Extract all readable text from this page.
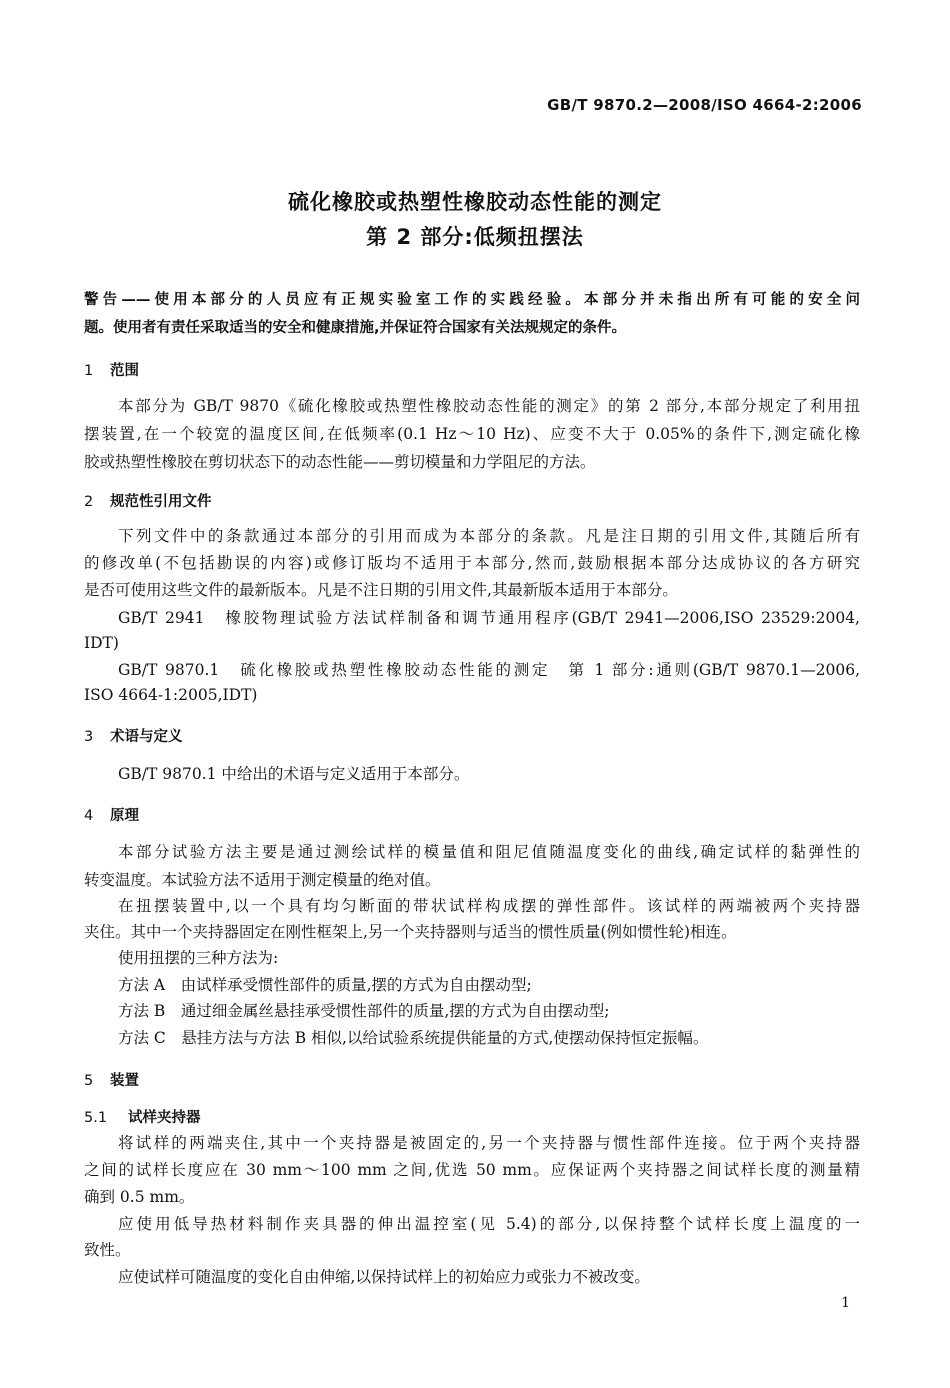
GB/T 9870.2—2008/ISO 4664-2:2006
硫化橡胶或热塑性橡胶动态性能的测定
第 2 部分:低频扭摆法
警告——使用本部分的人员应有正规实验室工作的实践经验。本部分并未指出所有可能的安全问
题。使用者有责任采取适当的安全和健康措施,并保证符合国家有关法规规定的条件。
1 范围
本部分为 GB/T 9870《硫化橡胶或热塑性橡胶动态性能的测定》的第 2 部分,本部分规定了利用扭
摆装置,在一个较宽的温度区间,在低频率(0.1 Hz～10 Hz)、应变不大于 0.05%的条件下,测定硫化橡
胶或热塑性橡胶在剪切状态下的动态性能——剪切模量和力学阻尼的方法。
2 规范性引用文件
下列文件中的条款通过本部分的引用而成为本部分的条款。凡是注日期的引用文件,其随后所有
的修改单(不包括勘误的内容)或修订版均不适用于本部分,然而,鼓励根据本部分达成协议的各方研究
是否可使用这些文件的最新版本。凡是不注日期的引用文件,其最新版本适用于本部分。
GB/T 2941　橡胶物理试验方法试样制备和调节通用程序(GB/T 2941—2006,ISO 23529:2004,
IDT)
GB/T 9870.1　硫化橡胶或热塑性橡胶动态性能的测定　第 1 部分:通则(GB/T 9870.1—2006,
ISO 4664-1:2005,IDT)
3 术语与定义
GB/T 9870.1 中给出的术语与定义适用于本部分。
4 原理
本部分试验方法主要是通过测绘试样的模量值和阻尼值随温度变化的曲线,确定试样的黏弹性的
转变温度。本试验方法不适用于测定模量的绝对值。
在扭摆装置中,以一个具有均匀断面的带状试样构成摆的弹性部件。该试样的两端被两个夹持器
夹住。其中一个夹持器固定在刚性框架上,另一个夹持器则与适当的惯性质量(例如惯性轮)相连。
使用扭摆的三种方法为:
方法 A　由试样承受惯性部件的质量,摆的方式为自由摆动型;
方法 B　通过细金属丝悬挂承受惯性部件的质量,摆的方式为自由摆动型;
方法 C　悬挂方法与方法 B 相似,以给试验系统提供能量的方式,使摆动保持恒定振幅。
5 装置
5.1 试样夹持器
将试样的两端夹住,其中一个夹持器是被固定的,另一个夹持器与惯性部件连接。位于两个夹持器
之间的试样长度应在 30 mm～100 mm 之间,优选 50 mm。应保证两个夹持器之间试样长度的测量精
确到 0.5 mm。
应使用低导热材料制作夹具器的伸出温控室(见 5.4)的部分,以保持整个试样长度上温度的一
致性。
应使试样可随温度的变化自由伸缩,以保持试样上的初始应力或张力不被改变。
1
